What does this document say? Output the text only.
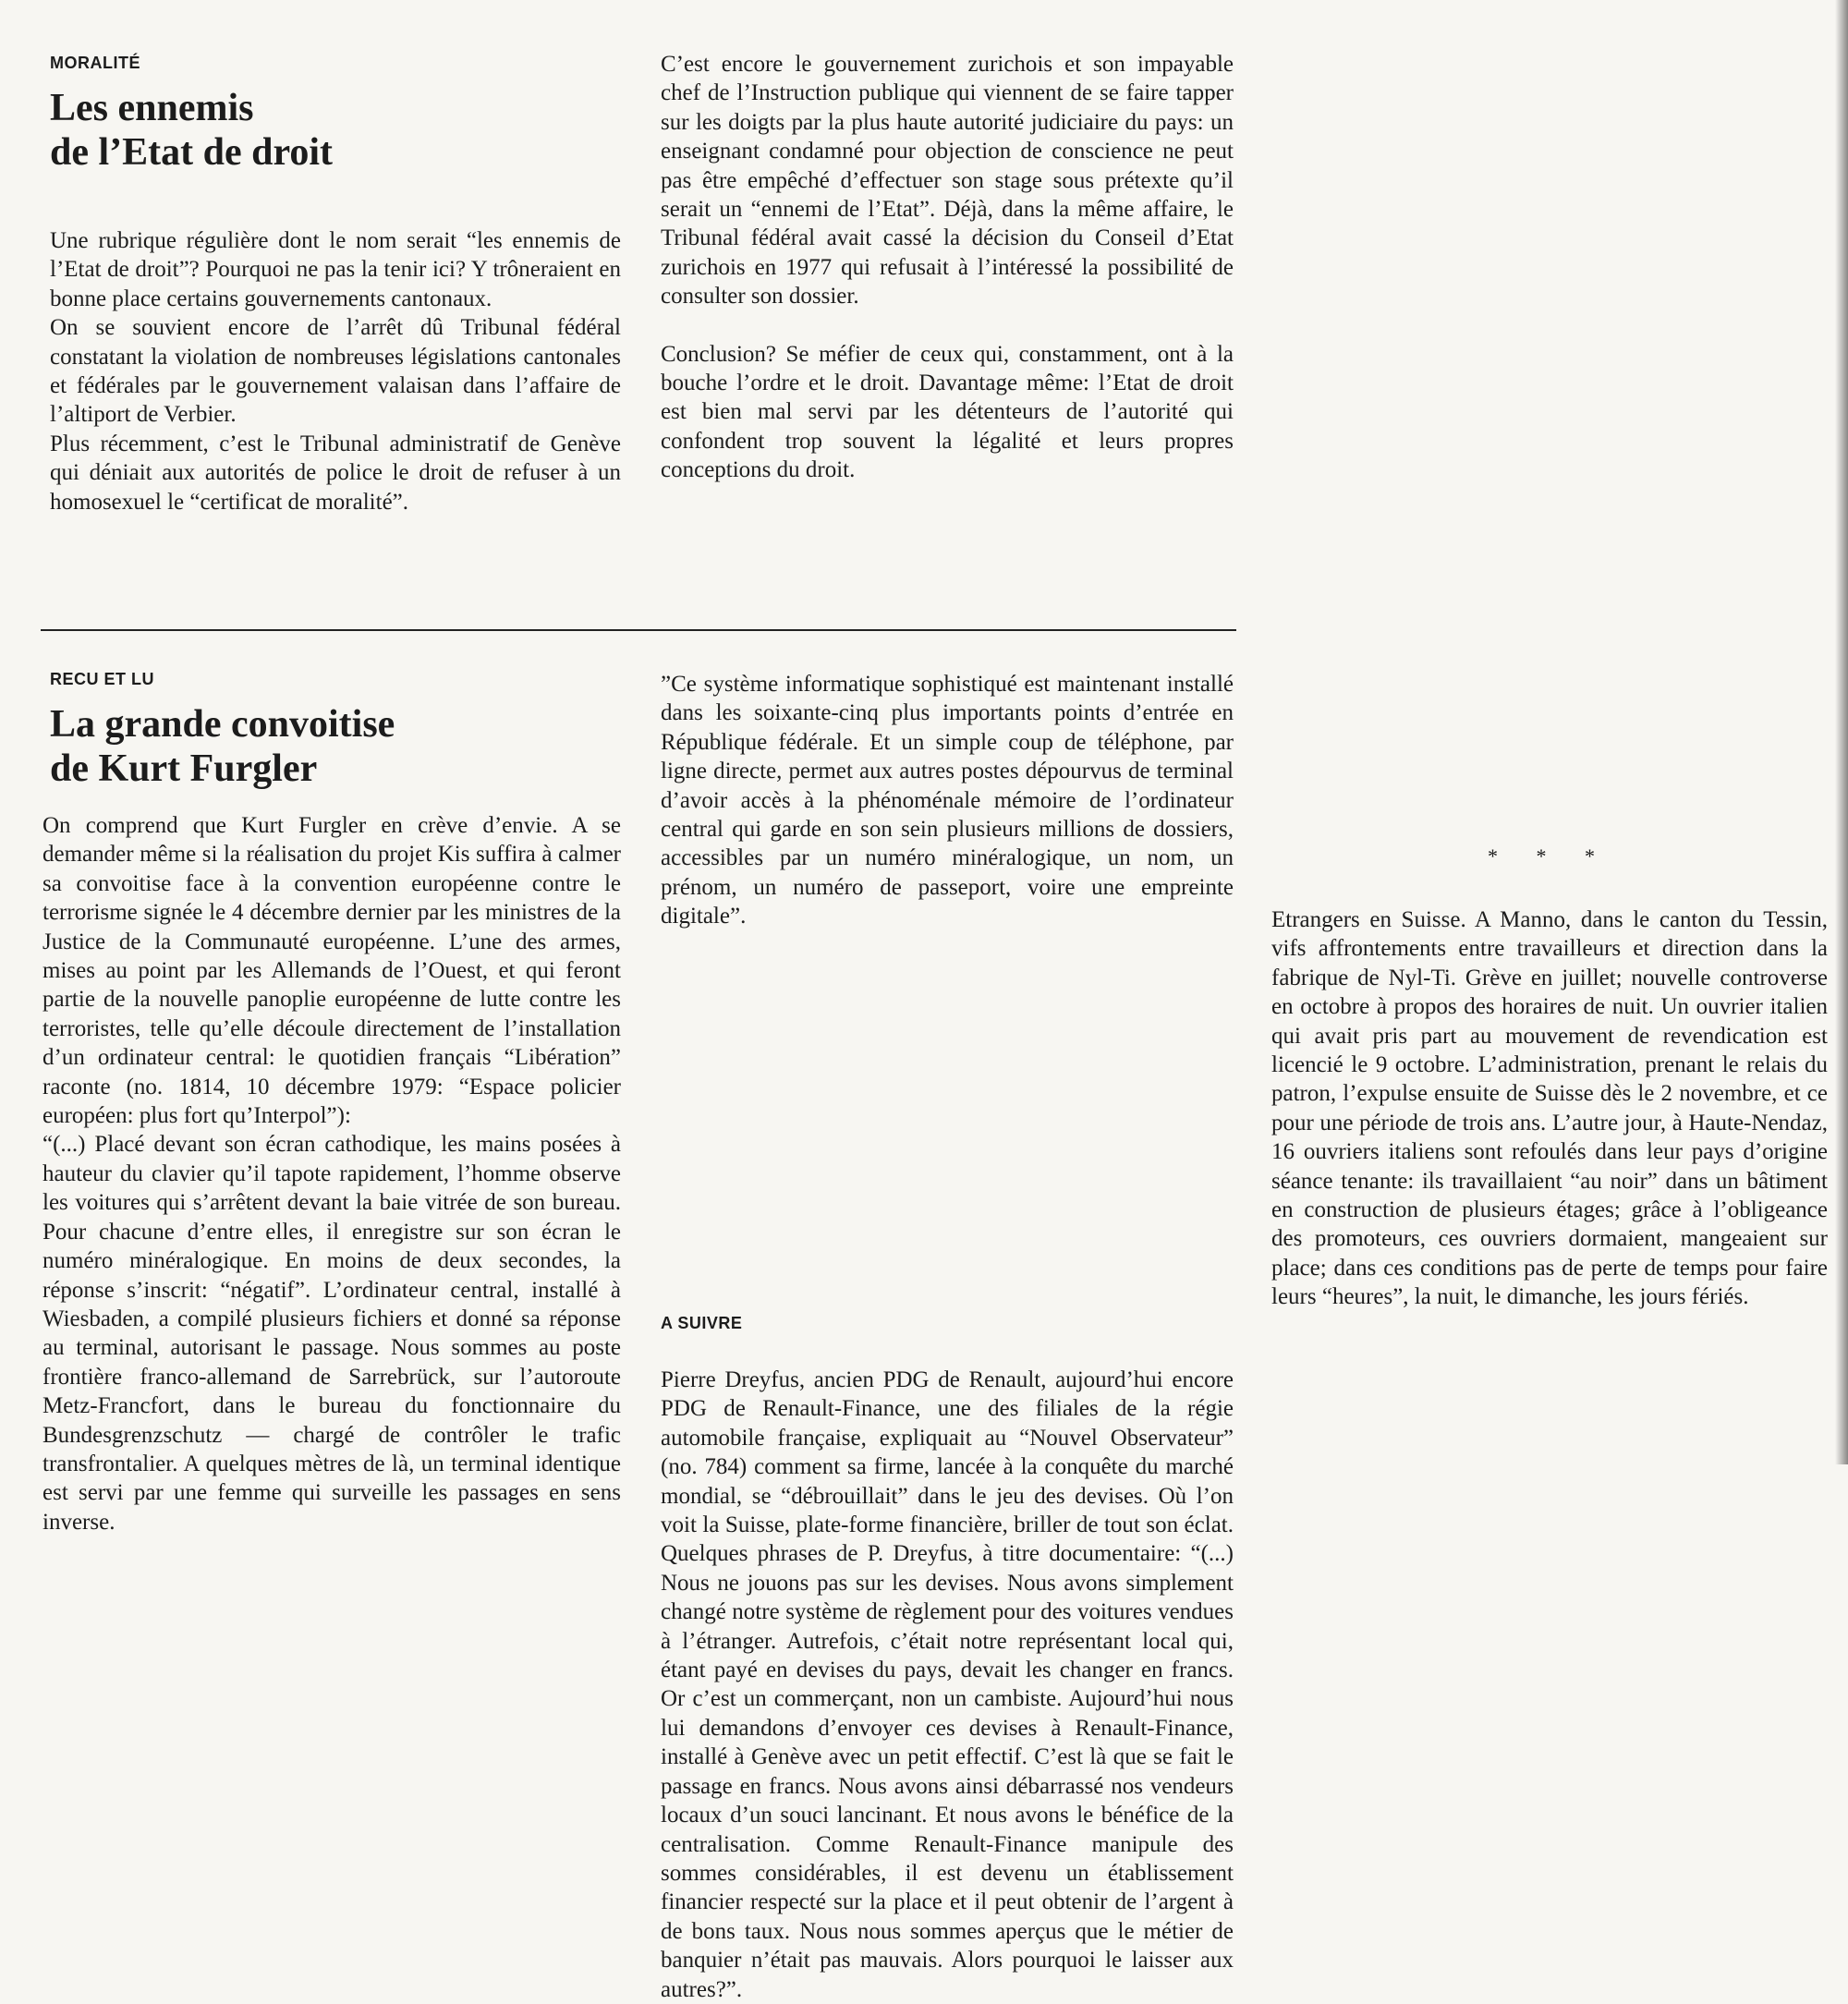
MORALITÉ

Les ennemis
de l’Etat de droit

Une rubrique régulière dont le nom serait “les ennemis de l’Etat de droit”? Pourquoi ne pas la tenir ici? Y trôneraient en bonne place certains gouvernements cantonaux.

On se souvient encore de l’arrêt dû Tribunal fédéral constatant la violation de nombreuses législations cantonales et fédérales par le gouvernement valaisan dans l’affaire de l’altiport de Verbier.

Plus récemment, c’est le Tribunal administratif de Genève qui déniait aux autorités de police le droit de refuser à un homosexuel le “certificat de moralité”.

C’est encore le gouvernement zurichois et son impayable chef de l’Instruction publique qui viennent de se faire tapper sur les doigts par la plus haute autorité judiciaire du pays: un enseignant condamné pour objection de conscience ne peut pas être empêché d’effectuer son stage sous prétexte qu’il serait un “ennemi de l’Etat”. Déjà, dans la même affaire, le Tribunal fédéral avait cassé la décision du Conseil d’Etat zurichois en 1977 qui refusait à l’intéressé la possibilité de consulter son dossier.

Conclusion? Se méfier de ceux qui, constamment, ont à la bouche l’ordre et le droit. Davantage même: l’Etat de droit est bien mal servi par les détenteurs de l’autorité qui confondent trop souvent la légalité et leurs propres conceptions du droit.

RECU ET LU

La grande convoitise
de Kurt Furgler

On comprend que Kurt Furgler en crève d’envie. A se demander même si la réalisation du projet Kis suffira à calmer sa convoitise face à la convention européenne contre le terrorisme signée le 4 décembre dernier par les ministres de la Justice de la Communauté européenne. L’une des armes, mises au point par les Allemands de l’Ouest, et qui feront partie de la nouvelle panoplie européenne de lutte contre les terroristes, telle qu’elle découle directement de l’installation d’un ordinateur central: le quotidien français “Libération” raconte (no. 1814, 10 décembre 1979: “Espace policier européen: plus fort qu’Interpol”):

“(...) Placé devant son écran cathodique, les mains posées à hauteur du clavier qu’il tapote rapidement, l’homme observe les voitures qui s’arrêtent devant la baie vitrée de son bureau. Pour chacune d’entre elles, il enregistre sur son écran le numéro minéralogique. En moins de deux secondes, la réponse s’inscrit: “négatif”. L’ordinateur central, installé à Wiesbaden, a compilé plusieurs fichiers et donné sa réponse au terminal, autorisant le passage. Nous sommes au poste frontière franco-allemand de Sarrebrück, sur l’autoroute Metz-Francfort, dans le bureau du fonctionnaire du Bundesgrenzschutz — chargé de contrôler le trafic transfrontalier. A quelques mètres de là, un terminal identique est servi par une femme qui surveille les passages en sens inverse.

”Ce système informatique sophistiqué est maintenant installé dans les soixante-cinq plus importants points d’entrée en République fédérale. Et un simple coup de téléphone, par ligne directe, permet aux autres postes dépourvus de terminal d’avoir accès à la phénoménale mémoire de l’ordinateur central qui garde en son sein plusieurs millions de dossiers, accessibles par un numéro minéralogique, un nom, un prénom, un numéro de passeport, voire une empreinte digitale”.

A SUIVRE

Pierre Dreyfus, ancien PDG de Renault, aujourd’hui encore PDG de Renault-Finance, une des filiales de la régie automobile française, expliquait au “Nouvel Observateur” (no. 784) comment sa firme, lancée à la conquête du marché mondial, se “débrouillait” dans le jeu des devises. Où l’on voit la Suisse, plate-forme financière, briller de tout son éclat. Quelques phrases de P. Dreyfus, à titre documentaire: “(...) Nous ne jouons pas sur les devises. Nous avons simplement changé notre système de règlement pour des voitures vendues à l’étranger. Autrefois, c’était notre représentant local qui, étant payé en devises du pays, devait les changer en francs. Or c’est un commerçant, non un cambiste. Aujourd’hui nous lui demandons d’envoyer ces devises à Renault-Finance, installé à Genève avec un petit effectif. C’est là que se fait le passage en francs. Nous avons ainsi débarrassé nos vendeurs locaux d’un souci lancinant. Et nous avons le bénéfice de la centralisation. Comme Renault-Finance manipule des sommes considérables, il est devenu un établissement financier respecté sur la place et il peut obtenir de l’argent à de bons taux. Nous nous sommes aperçus que le métier de banquier n’était pas mauvais. Alors pourquoi le laisser aux autres?”.

* * *

Etrangers en Suisse. A Manno, dans le canton du Tessin, vifs affrontements entre travailleurs et direction dans la fabrique de Nyl-Ti. Grève en juillet; nouvelle controverse en octobre à propos des horaires de nuit. Un ouvrier italien qui avait pris part au mouvement de revendication est licencié le 9 octobre. L’administration, prenant le relais du patron, l’expulse ensuite de Suisse dès le 2 novembre, et ce pour une période de trois ans. L’autre jour, à Haute-Nendaz, 16 ouvriers italiens sont refoulés dans leur pays d’origine séance tenante: ils travaillaient “au noir” dans un bâtiment en construction de plusieurs étages; grâce à l’obligeance des promoteurs, ces ouvriers dormaient, mangeaient sur place; dans ces conditions pas de perte de temps pour faire leurs “heures”, la nuit, le dimanche, les jours fériés.
